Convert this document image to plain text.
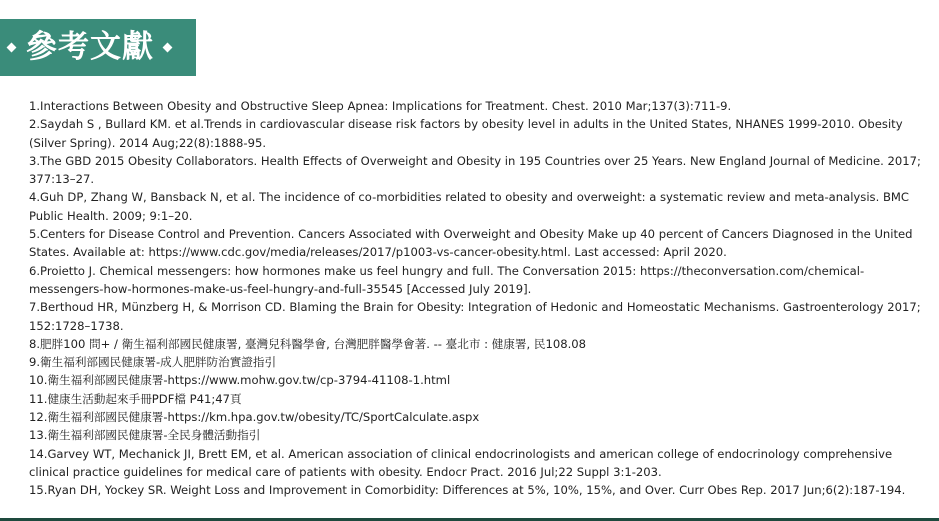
參考文獻

1.Interactions Between Obesity and Obstructive Sleep Apnea: Implications for Treatment. Chest. 2010 Mar;137(3):711-9.

2.Saydah S , Bullard KM. et al.Trends in cardiovascular disease risk factors by obesity level in adults in the United States, NHANES 1999-2010. Obesity (Silver Spring). 2014 Aug;22(8):1888-95.

3.The GBD 2015 Obesity Collaborators. Health Effects of Overweight and Obesity in 195 Countries over 25 Years. New England Journal of Medicine. 2017; 377:13–27.

4.Guh DP, Zhang W, Bansback N, et al. The incidence of co-morbidities related to obesity and overweight: a systematic review and meta-analysis. BMC Public Health. 2009; 9:1–20.

5.Centers for Disease Control and Prevention. Cancers Associated with Overweight and Obesity Make up 40 percent of Cancers Diagnosed in the United States. Available at: https://www.cdc.gov/media/releases/2017/p1003-vs-cancer-obesity.html. Last accessed: April 2020.

6.Proietto J. Chemical messengers: how hormones make us feel hungry and full. The Conversation 2015: https://theconversation.com/chemical-messengers-how-hormones-make-us-feel-hungry-and-full-35545 [Accessed July 2019].

7.Berthoud HR, Münzberg H, & Morrison CD. Blaming the Brain for Obesity: Integration of Hedonic and Homeostatic Mechanisms. Gastroenterology 2017; 152:1728–1738.

8.肥胖100 問+ / 衛生福利部國民健康署, 臺灣兒科醫學會, 台灣肥胖醫學會著. -- 臺北市 : 健康署, 民108.08

9.衛生福利部國民健康署-成人肥胖防治實證指引

10.衛生福利部國民健康署-https://www.mohw.gov.tw/cp-3794-41108-1.html

11.健康生活動起來手冊PDF檔 P41;47頁

12.衛生福利部國民健康署-https://km.hpa.gov.tw/obesity/TC/SportCalculate.aspx

13.衛生福利部國民健康署-全民身體活動指引

14.Garvey WT, Mechanick JI, Brett EM, et al. American association of clinical endocrinologists and american college of endocrinology comprehensive clinical practice guidelines for medical care of patients with obesity. Endocr Pract. 2016 Jul;22 Suppl 3:1-203.

15.Ryan DH, Yockey SR. Weight Loss and Improvement in Comorbidity: Differences at 5%, 10%, 15%, and Over. Curr Obes Rep. 2017 Jun;6(2):187-194.
